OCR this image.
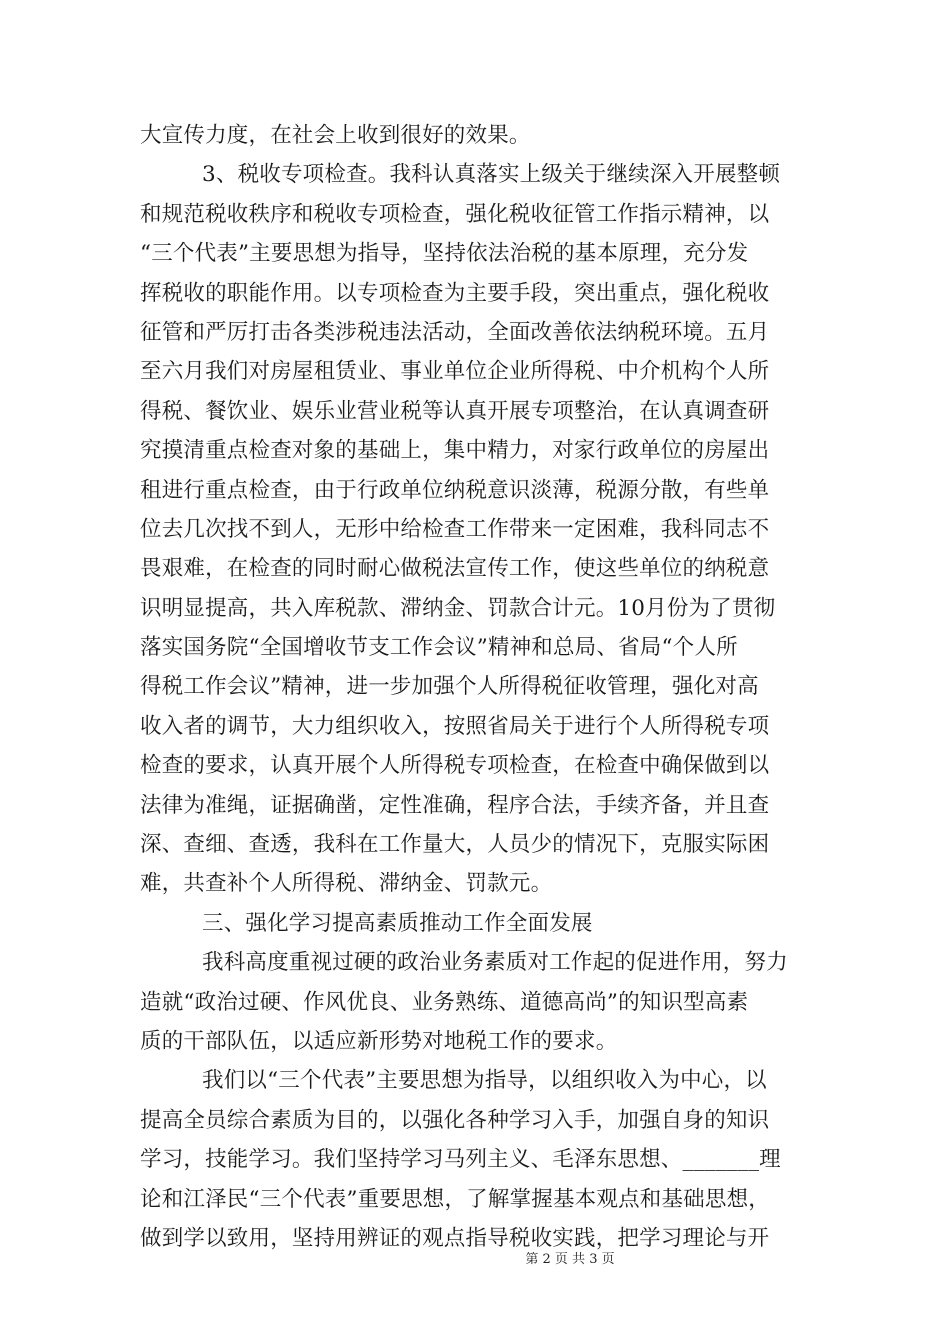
大宣传力度，在社会上收到很好的效果。
3、税收专项检查。我科认真落实上级关于继续深入开展整顿
和规范税收秩序和税收专项检查，强化税收征管工作指示精神，以
“三个代表”主要思想为指导，坚持依法治税的基本原理，充分发
挥税收的职能作用。以专项检查为主要手段，突出重点，强化税收
征管和严厉打击各类涉税违法活动，全面改善依法纳税环境。五月
至六月我们对房屋租赁业、事业单位企业所得税、中介机构个人所
得税、餐饮业、娱乐业营业税等认真开展专项整治，在认真调查研
究摸清重点检查对象的基础上，集中精力，对家行政单位的房屋出
租进行重点检查，由于行政单位纳税意识淡薄，税源分散，有些单
位去几次找不到人，无形中给检查工作带来一定困难，我科同志不
畏艰难，在检查的同时耐心做税法宣传工作，使这些单位的纳税意
识明显提高，共入库税款、滞纳金、罚款合计元。10月份为了贯彻
落实国务院“全国增收节支工作会议”精神和总局、省局“个人所
得税工作会议”精神，进一步加强个人所得税征收管理，强化对高
收入者的调节，大力组织收入，按照省局关于进行个人所得税专项
检查的要求，认真开展个人所得税专项检查，在检查中确保做到以
法律为准绳，证据确凿，定性准确，程序合法，手续齐备，并且查
深、查细、查透，我科在工作量大，人员少的情况下，克服实际困
难，共查补个人所得税、滞纳金、罚款元。
三、强化学习提高素质推动工作全面发展
我科高度重视过硬的政治业务素质对工作起的促进作用，努力
造就“政治过硬、作风优良、业务熟练、道德高尚”的知识型高素
质的干部队伍，以适应新形势对地税工作的要求。
我们以“三个代表”主要思想为指导，以组织收入为中心，以
提高全员综合素质为目的，以强化各种学习入手，加强自身的知识
学习，技能学习。我们坚持学习马列主义、毛泽东思想、_______理
论和江泽民“三个代表”重要思想，了解掌握基本观点和基础思想，
做到学以致用，坚持用辨证的观点指导税收实践，把学习理论与开
第 2 页 共 3 页
